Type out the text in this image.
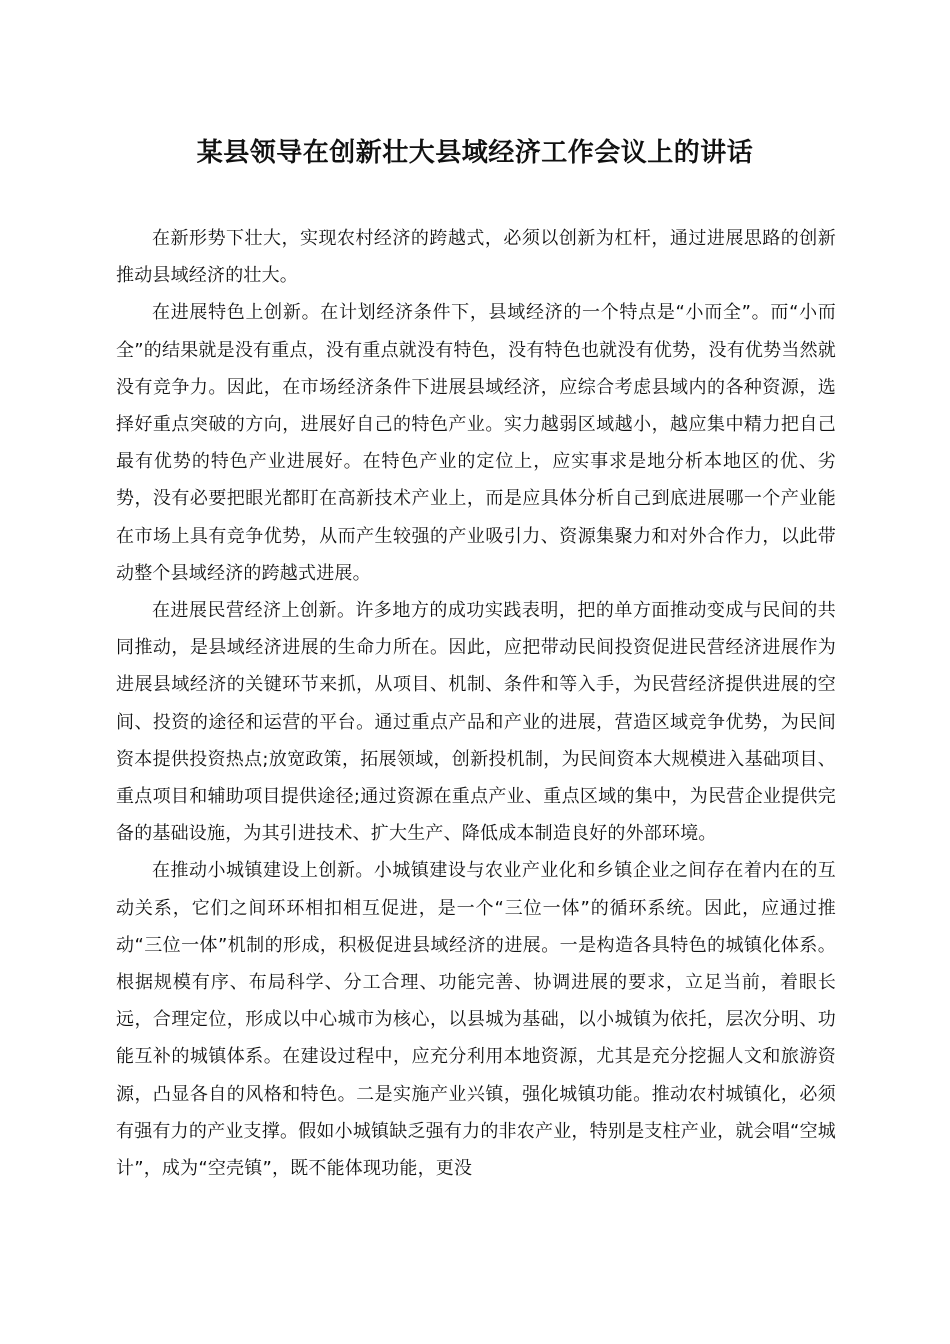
某县领导在创新壮大县域经济工作会议上的讲话

在新形势下壮大，实现农村经济的跨越式，必须以创新为杠杆，通过进展思路的创新推动县域经济的壮大。

在进展特色上创新。在计划经济条件下，县域经济的一个特点是“小而全”。而“小而全”的结果就是没有重点，没有重点就没有特色，没有特色也就没有优势，没有优势当然就没有竞争力。因此，在市场经济条件下进展县域经济，应综合考虑县域内的各种资源，选择好重点突破的方向，进展好自己的特色产业。实力越弱区域越小，越应集中精力把自己最有优势的特色产业进展好。在特色产业的定位上，应实事求是地分析本地区的优、劣势，没有必要把眼光都盯在高新技术产业上，而是应具体分析自己到底进展哪一个产业能在市场上具有竞争优势，从而产生较强的产业吸引力、资源集聚力和对外合作力，以此带动整个县域经济的跨越式进展。

在进展民营经济上创新。许多地方的成功实践表明，把的单方面推动变成与民间的共同推动，是县域经济进展的生命力所在。因此，应把带动民间投资促进民营经济进展作为进展县域经济的关键环节来抓，从项目、机制、条件和等入手，为民营经济提供进展的空间、投资的途径和运营的平台。通过重点产品和产业的进展，营造区域竞争优势，为民间资本提供投资热点;放宽政策，拓展领域，创新投机制，为民间资本大规模进入基础项目、重点项目和辅助项目提供途径;通过资源在重点产业、重点区域的集中，为民营企业提供完备的基础设施，为其引进技术、扩大生产、降低成本制造良好的外部环境。

在推动小城镇建设上创新。小城镇建设与农业产业化和乡镇企业之间存在着内在的互动关系，它们之间环环相扣相互促进，是一个“三位一体”的循环系统。因此，应通过推动“三位一体”机制的形成，积极促进县域经济的进展。一是构造各具特色的城镇化体系。根据规模有序、布局科学、分工合理、功能完善、协调进展的要求，立足当前，着眼长远，合理定位，形成以中心城市为核心，以县城为基础，以小城镇为依托，层次分明、功能互补的城镇体系。在建设过程中，应充分利用本地资源，尤其是充分挖掘人文和旅游资源，凸显各自的风格和特色。二是实施产业兴镇，强化城镇功能。推动农村城镇化，必须有强有力的产业支撑。假如小城镇缺乏强有力的非农产业，特别是支柱产业，就会唱“空城计”，成为“空壳镇”，既不能体现功能，更没
